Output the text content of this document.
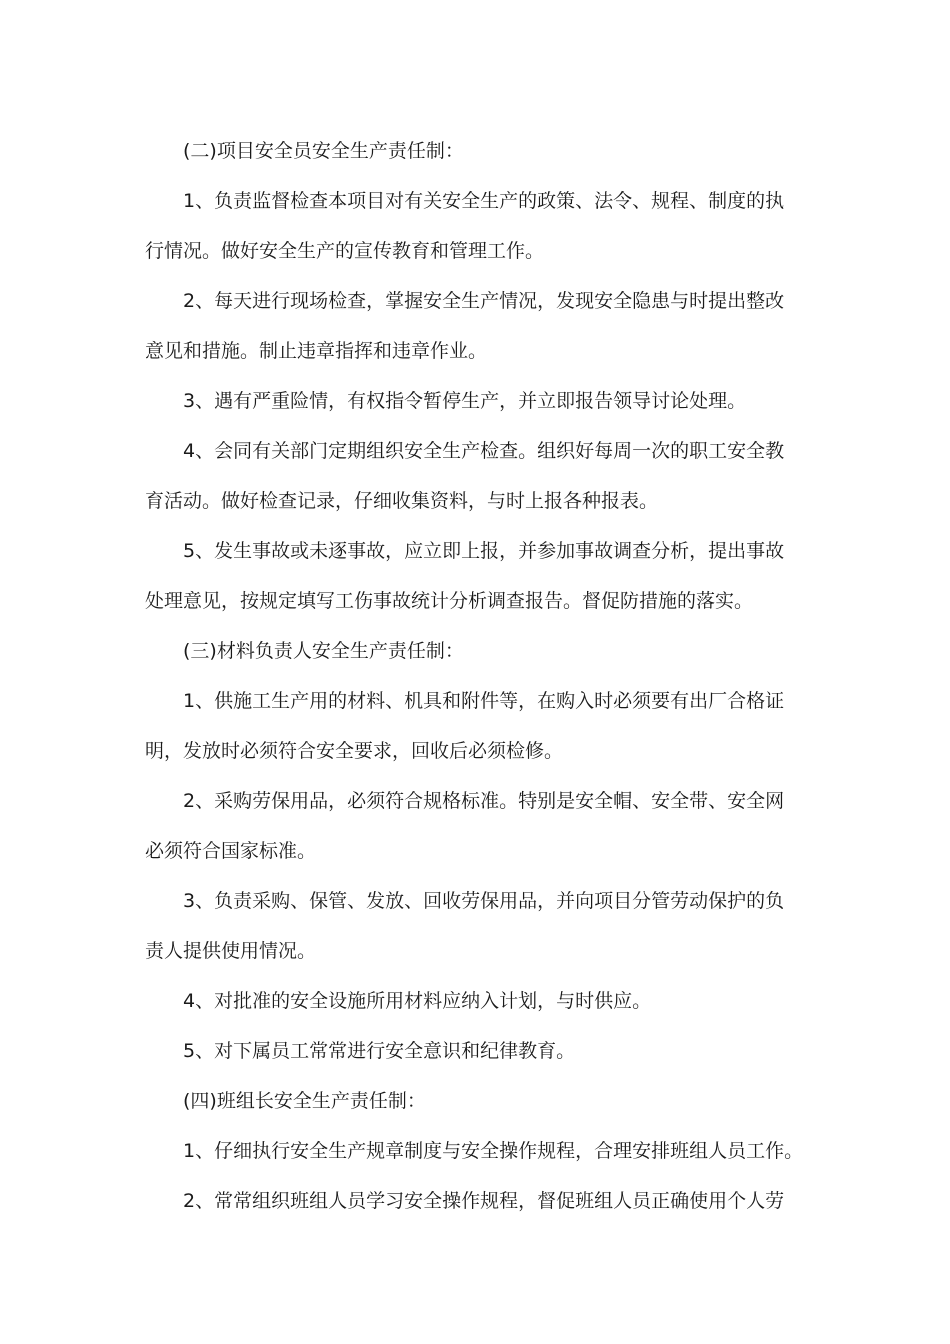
(二)项目安全员安全生产责任制：
1、负责监督检查本项目对有关安全生产的政策、法令、规程、制度的执
行情况。做好安全生产的宣传教育和管理工作。
2、每天进行现场检查，掌握安全生产情况，发现安全隐患与时提出整改
意见和措施。制止违章指挥和违章作业。
3、遇有严重险情，有权指令暂停生产，并立即报告领导讨论处理。
4、会同有关部门定期组织安全生产检查。组织好每周一次的职工安全教
育活动。做好检查记录，仔细收集资料，与时上报各种报表。
5、发生事故或未逐事故，应立即上报，并参加事故调查分析，提出事故
处理意见，按规定填写工伤事故统计分析调查报告。督促防措施的落实。
(三)材料负责人安全生产责任制：
1、供施工生产用的材料、机具和附件等，在购入时必须要有出厂合格证
明，发放时必须符合安全要求，回收后必须检修。
2、采购劳保用品，必须符合规格标准。特别是安全帽、安全带、安全网
必须符合国家标准。
3、负责采购、保管、发放、回收劳保用品，并向项目分管劳动保护的负
责人提供使用情况。
4、对批准的安全设施所用材料应纳入计划，与时供应。
5、对下属员工常常进行安全意识和纪律教育。
(四)班组长安全生产责任制：
1、仔细执行安全生产规章制度与安全操作规程，合理安排班组人员工作。
2、常常组织班组人员学习安全操作规程，督促班组人员正确使用个人劳
